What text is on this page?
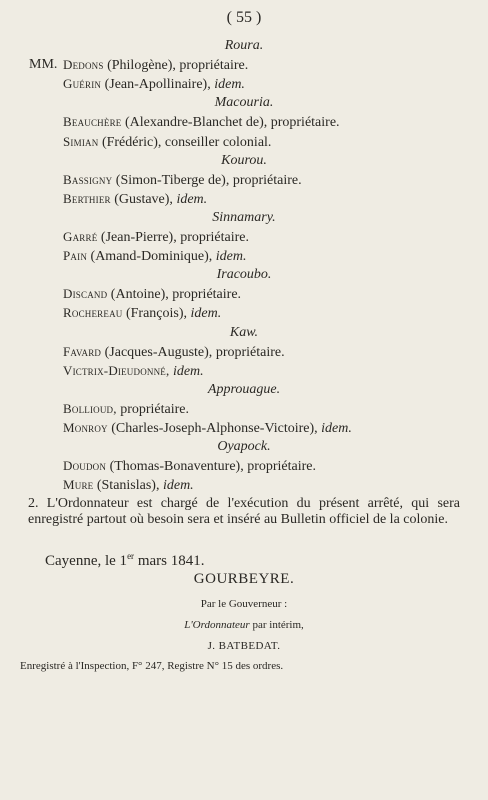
( 55 )
Roura.
MM. Dedons (Philogène), propriétaire.
Guérin (Jean-Apollinaire), idem.
Macouria.
Beauchère (Alexandre-Blanchet de), propriétaire.
Simian (Frédéric), conseiller colonial.
Kourou.
Bassigny (Simon-Tiberge de), propriétaire.
Berthier (Gustave), idem.
Sinnamary.
Garré (Jean-Pierre), propriétaire.
Pain (Amand-Dominique), idem.
Iracoubo.
Discand (Antoine), propriétaire.
Rochereau (François), idem.
Kaw.
Favard (Jacques-Auguste), propriétaire.
Victrix-Dieudonné, idem.
Approuague.
Bollioud, propriétaire.
Monroy (Charles-Joseph-Alphonse-Victoire), idem.
Oyapock.
Doudon (Thomas-Bonaventure), propriétaire.
Mure (Stanislas), idem.
2. L'Ordonnateur est chargé de l'exécution du présent arrêté, qui sera enregistré partout où besoin sera et inséré au Bulletin officiel de la colonie.
Cayenne, le 1er mars 1841.
GOURBEYRE.
Par le Gouverneur :
L'Ordonnateur par intérim,
J. BATBEDAT.
Enregistré à l'Inspection, F° 247, Registre N° 15 des ordres.
